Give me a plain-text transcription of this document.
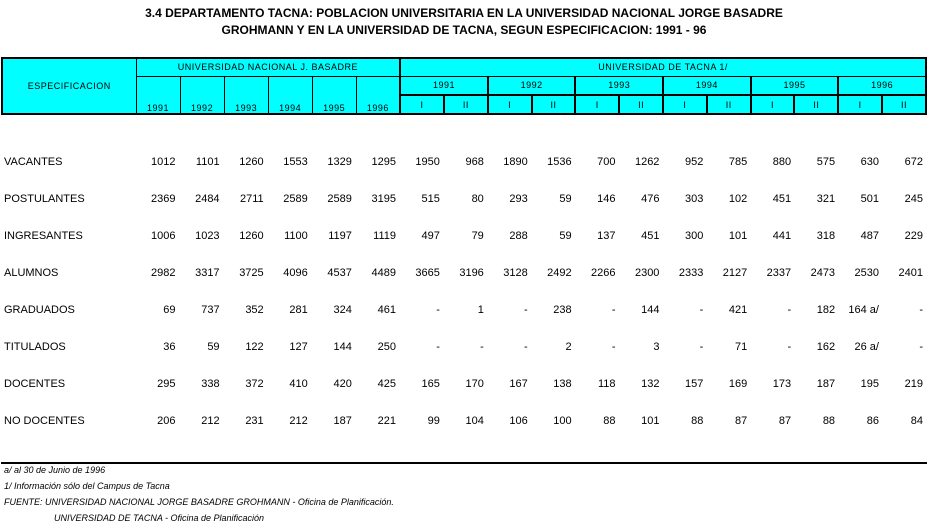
3.4 DEPARTAMENTO TACNA: POBLACION UNIVERSITARIA EN LA UNIVERSIDAD NACIONAL JORGE BASADRE
GROHMANN Y EN LA UNIVERSIDAD DE TACNA, SEGUN ESPECIFICACION: 1991 - 96
ESPECIFICACION	UNIVERSIDAD NACIONAL J. BASADRE						UNIVERSIDAD DE TACNA 1/											
	1991	1992	1993	1994	1995	1996	1991		1992		1993		1994		1995		1996	
							I	II	I	II	I	II	I	II	I	II	I	II
VACANTES	1012	1101	1260	1553	1329	1295	1950	968	1890	1536	700	1262	952	785	880	575	630	672
POSTULANTES	2369	2484	2711	2589	2589	3195	515	80	293	59	146	476	303	102	451	321	501	245
INGRESANTES	1006	1023	1260	1100	1197	1119	497	79	288	59	137	451	300	101	441	318	487	229
ALUMNOS	2982	3317	3725	4096	4537	4489	3665	3196	3128	2492	2266	2300	2333	2127	2337	2473	2530	2401
GRADUADOS	69	737	352	281	324	461	-	1	-	238	-	144	-	421	-	182	164 a/	-
TITULADOS	36	59	122	127	144	250	-	-	-	2	-	3	-	71	-	162	26 a/	-
DOCENTES	295	338	372	410	420	425	165	170	167	138	118	132	157	169	173	187	195	219
NO DOCENTES	206	212	231	212	187	221	99	104	106	100	88	101	88	87	87	88	86	84
a/ al 30 de Junio de 1996
1/ Información sólo del Campus de Tacna
FUENTE: UNIVERSIDAD NACIONAL JORGE BASADRE GROHMANN - Oficina de Planificación.
UNIVERSIDAD DE TACNA - Oficina de Planificación
